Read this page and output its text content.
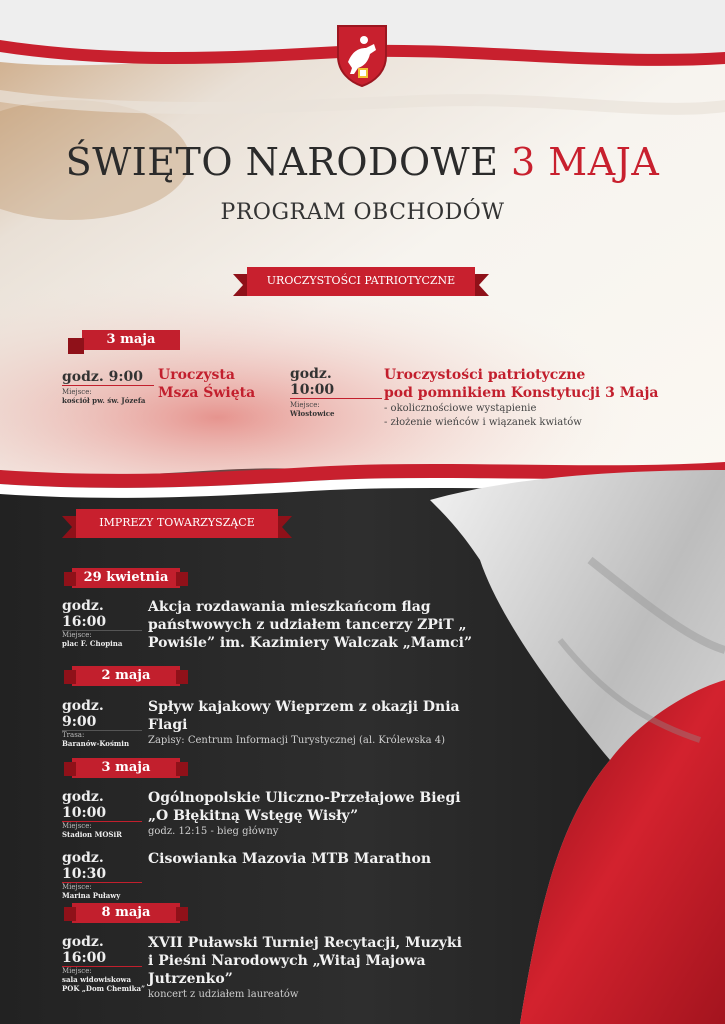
ŚWIĘTO NARODOWE 3 MAJA
PROGRAM OBCHODÓW
UROCZYSTOŚCI PATRIOTYCZNE
3 maja
godz. 9:00
Miejsce:
kościół pw. św. Józefa
Uroczysta
Msza Święta
godz. 10:00
Miejsce:
Włostowice
Uroczystości patriotyczne
pod pomnikiem Konstytucji 3 Maja
- okolicznościowe wystąpienie
- złożenie wieńców i wiązanek kwiatów
IMPREZY TOWARZYSZĄCE
29 kwietnia
godz. 16:00
Miejsce:
plac F. Chopina
Akcja rozdawania mieszkańcom flag
państwowych z udziałem tancerzy ZPiT „
Powiśle” im. Kazimiery Walczak „Mamci”
2 maja
godz. 9:00
Trasa:
Baranów-Kośmin
Spływ kajakowy Wieprzem z okazji Dnia Flagi
Zapisy: Centrum Informacji Turystycznej (al. Królewska 4)
3 maja
godz. 10:00
Miejsce:
Stadion MOSiR
Ogólnopolskie Uliczno-Przełajowe Biegi
„O Błękitną Wstęgę Wisły”
godz. 12:15 - bieg główny
godz. 10:30
Miejsce:
Marina Puławy
Cisowianka Mazovia MTB Marathon
8 maja
godz. 16:00
Miejsce:
sala widowiskowa
POK „Dom Chemika”
XVII Puławski Turniej Recytacji, Muzyki
i Pieśni Narodowych „Witaj Majowa Jutrzenko”
koncert z udziałem laureatów
